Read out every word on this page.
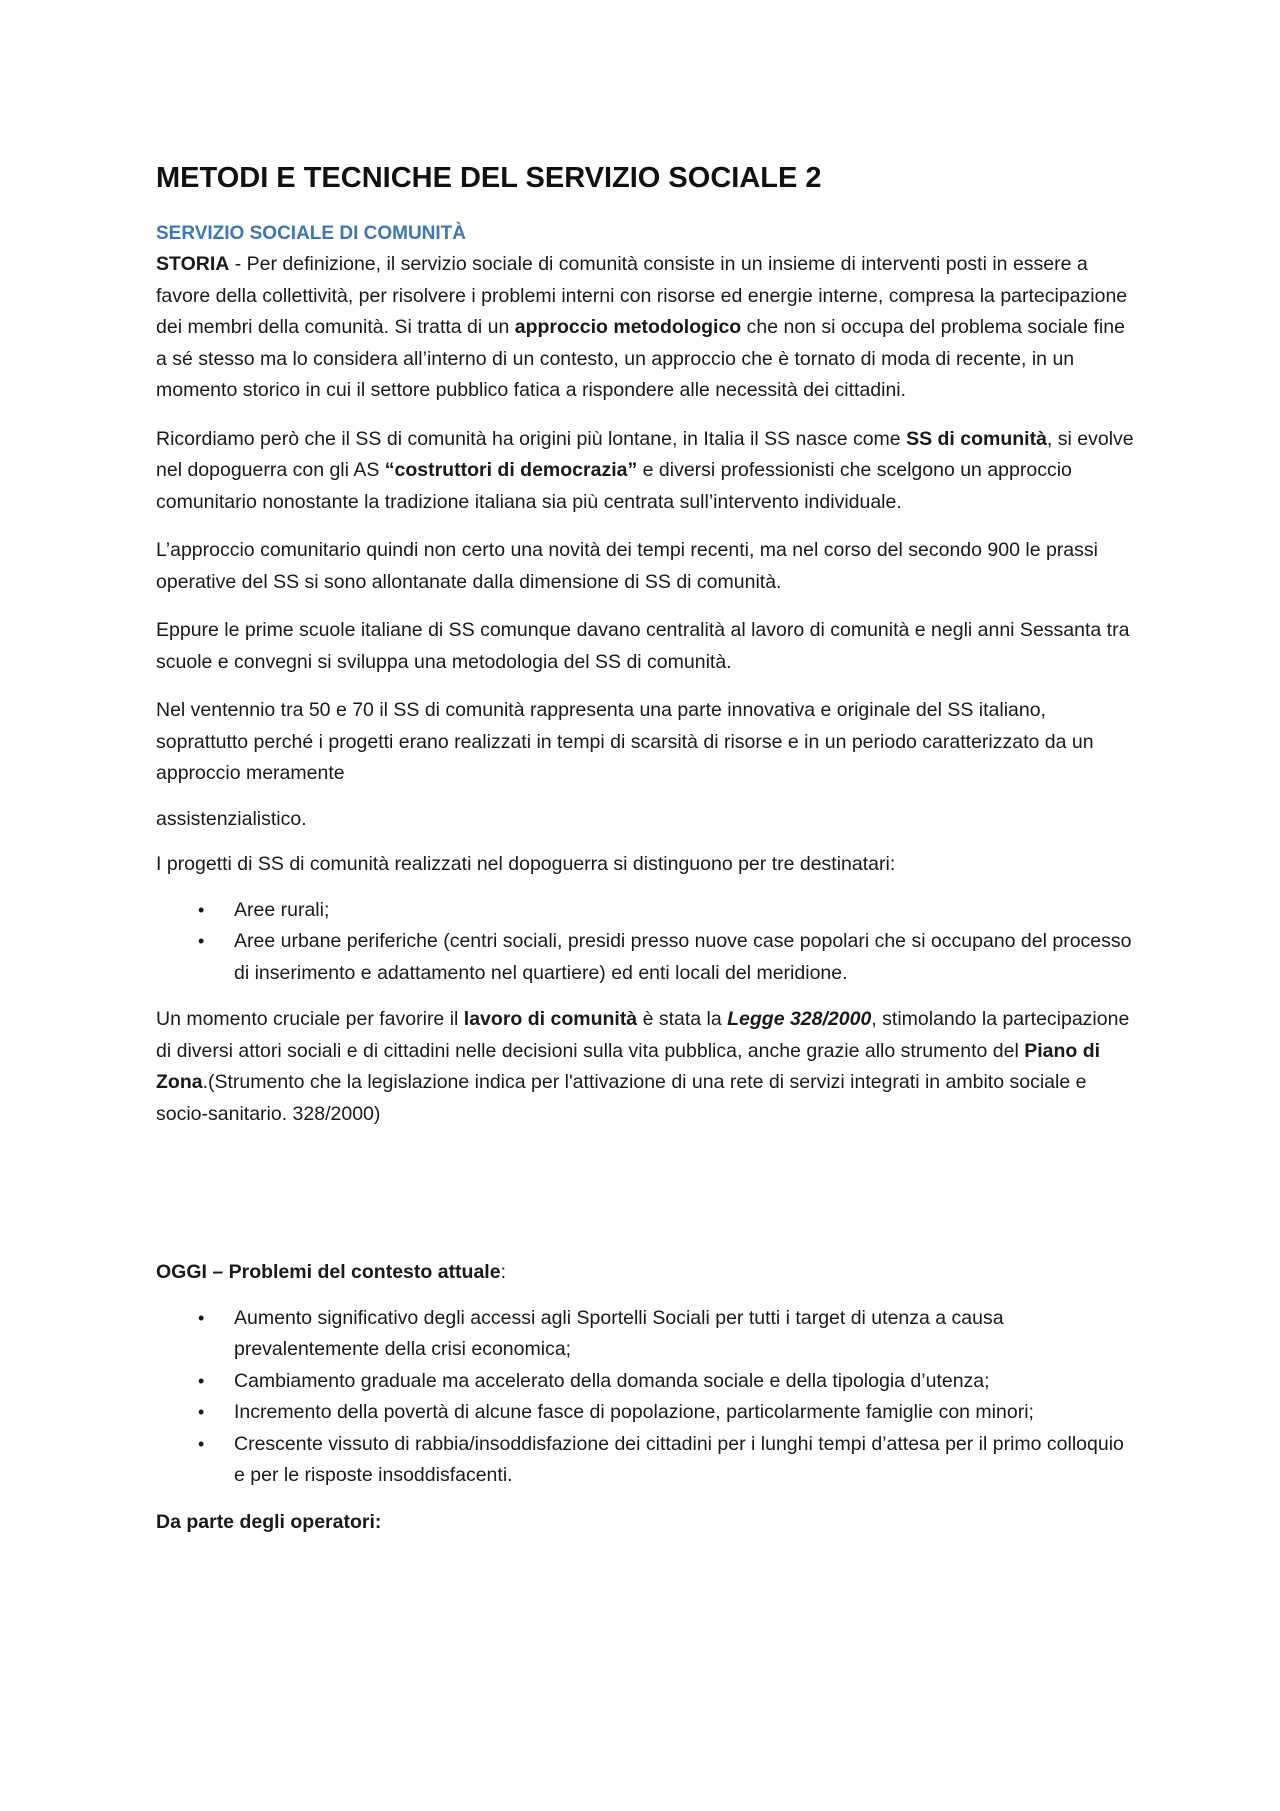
METODI E TECNICHE DEL SERVIZIO SOCIALE 2
SERVIZIO SOCIALE DI COMUNITÀ

STORIA - Per definizione, il servizio sociale di comunità consiste in un insieme di interventi posti in essere a favore della collettività, per risolvere i problemi interni con risorse ed energie interne, compresa la partecipazione dei membri della comunità. Si tratta di un approccio metodologico che non si occupa del problema sociale fine a sé stesso ma lo considera all’interno di un contesto, un approccio che è tornato di moda di recente, in un momento storico in cui il settore pubblico fatica a rispondere alle necessità dei cittadini.

Ricordiamo però che il SS di comunità ha origini più lontane, in Italia il SS nasce come SS di comunità, si evolve nel dopoguerra con gli AS “costruttori di democrazia” e diversi professionisti che scelgono un approccio comunitario nonostante la tradizione italiana sia più centrata sull’intervento individuale.

L’approccio comunitario quindi non certo una novità dei tempi recenti, ma nel corso del secondo 900 le prassi operative del SS si sono allontanate dalla dimensione di SS di comunità.

Eppure le prime scuole italiane di SS comunque davano centralità al lavoro di comunità e negli anni Sessanta tra scuole e convegni si sviluppa una metodologia del SS di comunità.

Nel ventennio tra 50 e 70 il SS di comunità rappresenta una parte innovativa e originale del SS italiano, soprattutto perché i progetti erano realizzati in tempi di scarsità di risorse e in un periodo caratterizzato da un approccio meramente

assistenzialistico.

I progetti di SS di comunità realizzati nel dopoguerra si distinguono per tre destinatari:

• Aree rurali;
• Aree urbane periferiche (centri sociali, presidi presso nuove case popolari che si occupano del processo di inserimento e adattamento nel quartiere) ed enti locali del meridione.

Un momento cruciale per favorire il lavoro di comunità è stata la Legge 328/2000, stimolando la partecipazione di diversi attori sociali e di cittadini nelle decisioni sulla vita pubblica, anche grazie allo strumento del Piano di Zona.(Strumento che la legislazione indica per l'attivazione di una rete di servizi integrati in ambito sociale e socio-sanitario. 328/2000)

OGGI – Problemi del contesto attuale:

• Aumento significativo degli accessi agli Sportelli Sociali per tutti i target di utenza a causa prevalentemente della crisi economica;
• Cambiamento graduale ma accelerato della domanda sociale e della tipologia d’utenza;
• Incremento della povertà di alcune fasce di popolazione, particolarmente famiglie con minori;
• Crescente vissuto di rabbia/insoddisfazione dei cittadini per i lunghi tempi d’attesa per il primo colloquio e per le risposte insoddisfacenti.

Da parte degli operatori:
